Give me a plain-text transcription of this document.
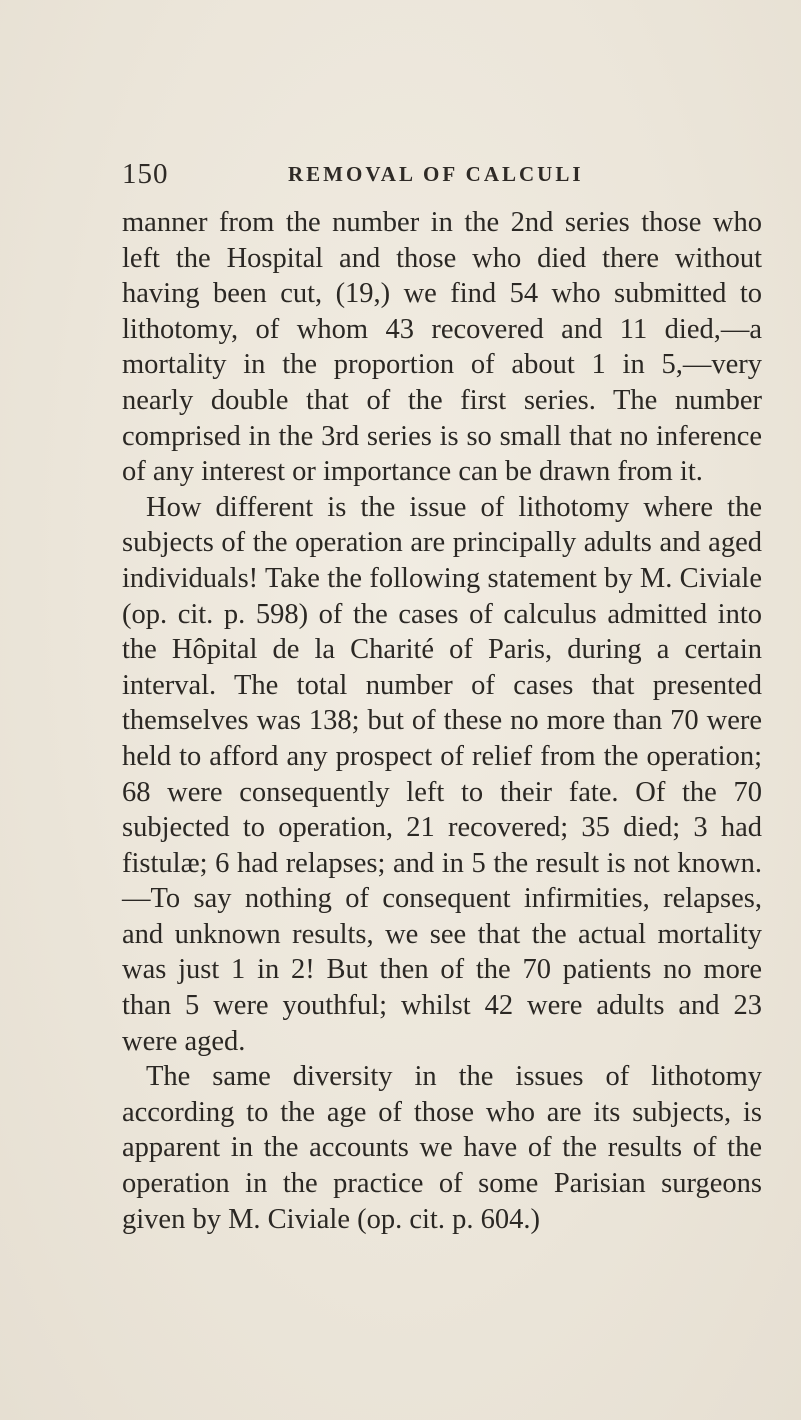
150	REMOVAL OF CALCULI

manner from the number in the 2nd series those who left the Hospital and those who died there without having been cut, (19,) we find 54 who submitted to lithotomy, of whom 43 recovered and 11 died,—a mortality in the proportion of about 1 in 5,—very nearly double that of the first series. The number comprised in the 3rd series is so small that no inference of any interest or importance can be drawn from it.

How different is the issue of lithotomy where the subjects of the operation are principally adults and aged individuals! Take the following statement by M. Civiale (op. cit. p. 598) of the cases of calculus admitted into the Hôpital de la Charité of Paris, during a certain interval. The total number of cases that presented themselves was 138; but of these no more than 70 were held to afford any prospect of relief from the operation; 68 were consequently left to their fate. Of the 70 subjected to operation, 21 recovered; 35 died; 3 had fistulæ; 6 had relapses; and in 5 the result is not known.—To say nothing of consequent infirmities, relapses, and unknown results, we see that the actual mortality was just 1 in 2! But then of the 70 patients no more than 5 were youthful; whilst 42 were adults and 23 were aged.

The same diversity in the issues of lithotomy according to the age of those who are its subjects, is apparent in the accounts we have of the results of the operation in the practice of some Parisian surgeons given by M. Civiale (op. cit. p. 604.)
